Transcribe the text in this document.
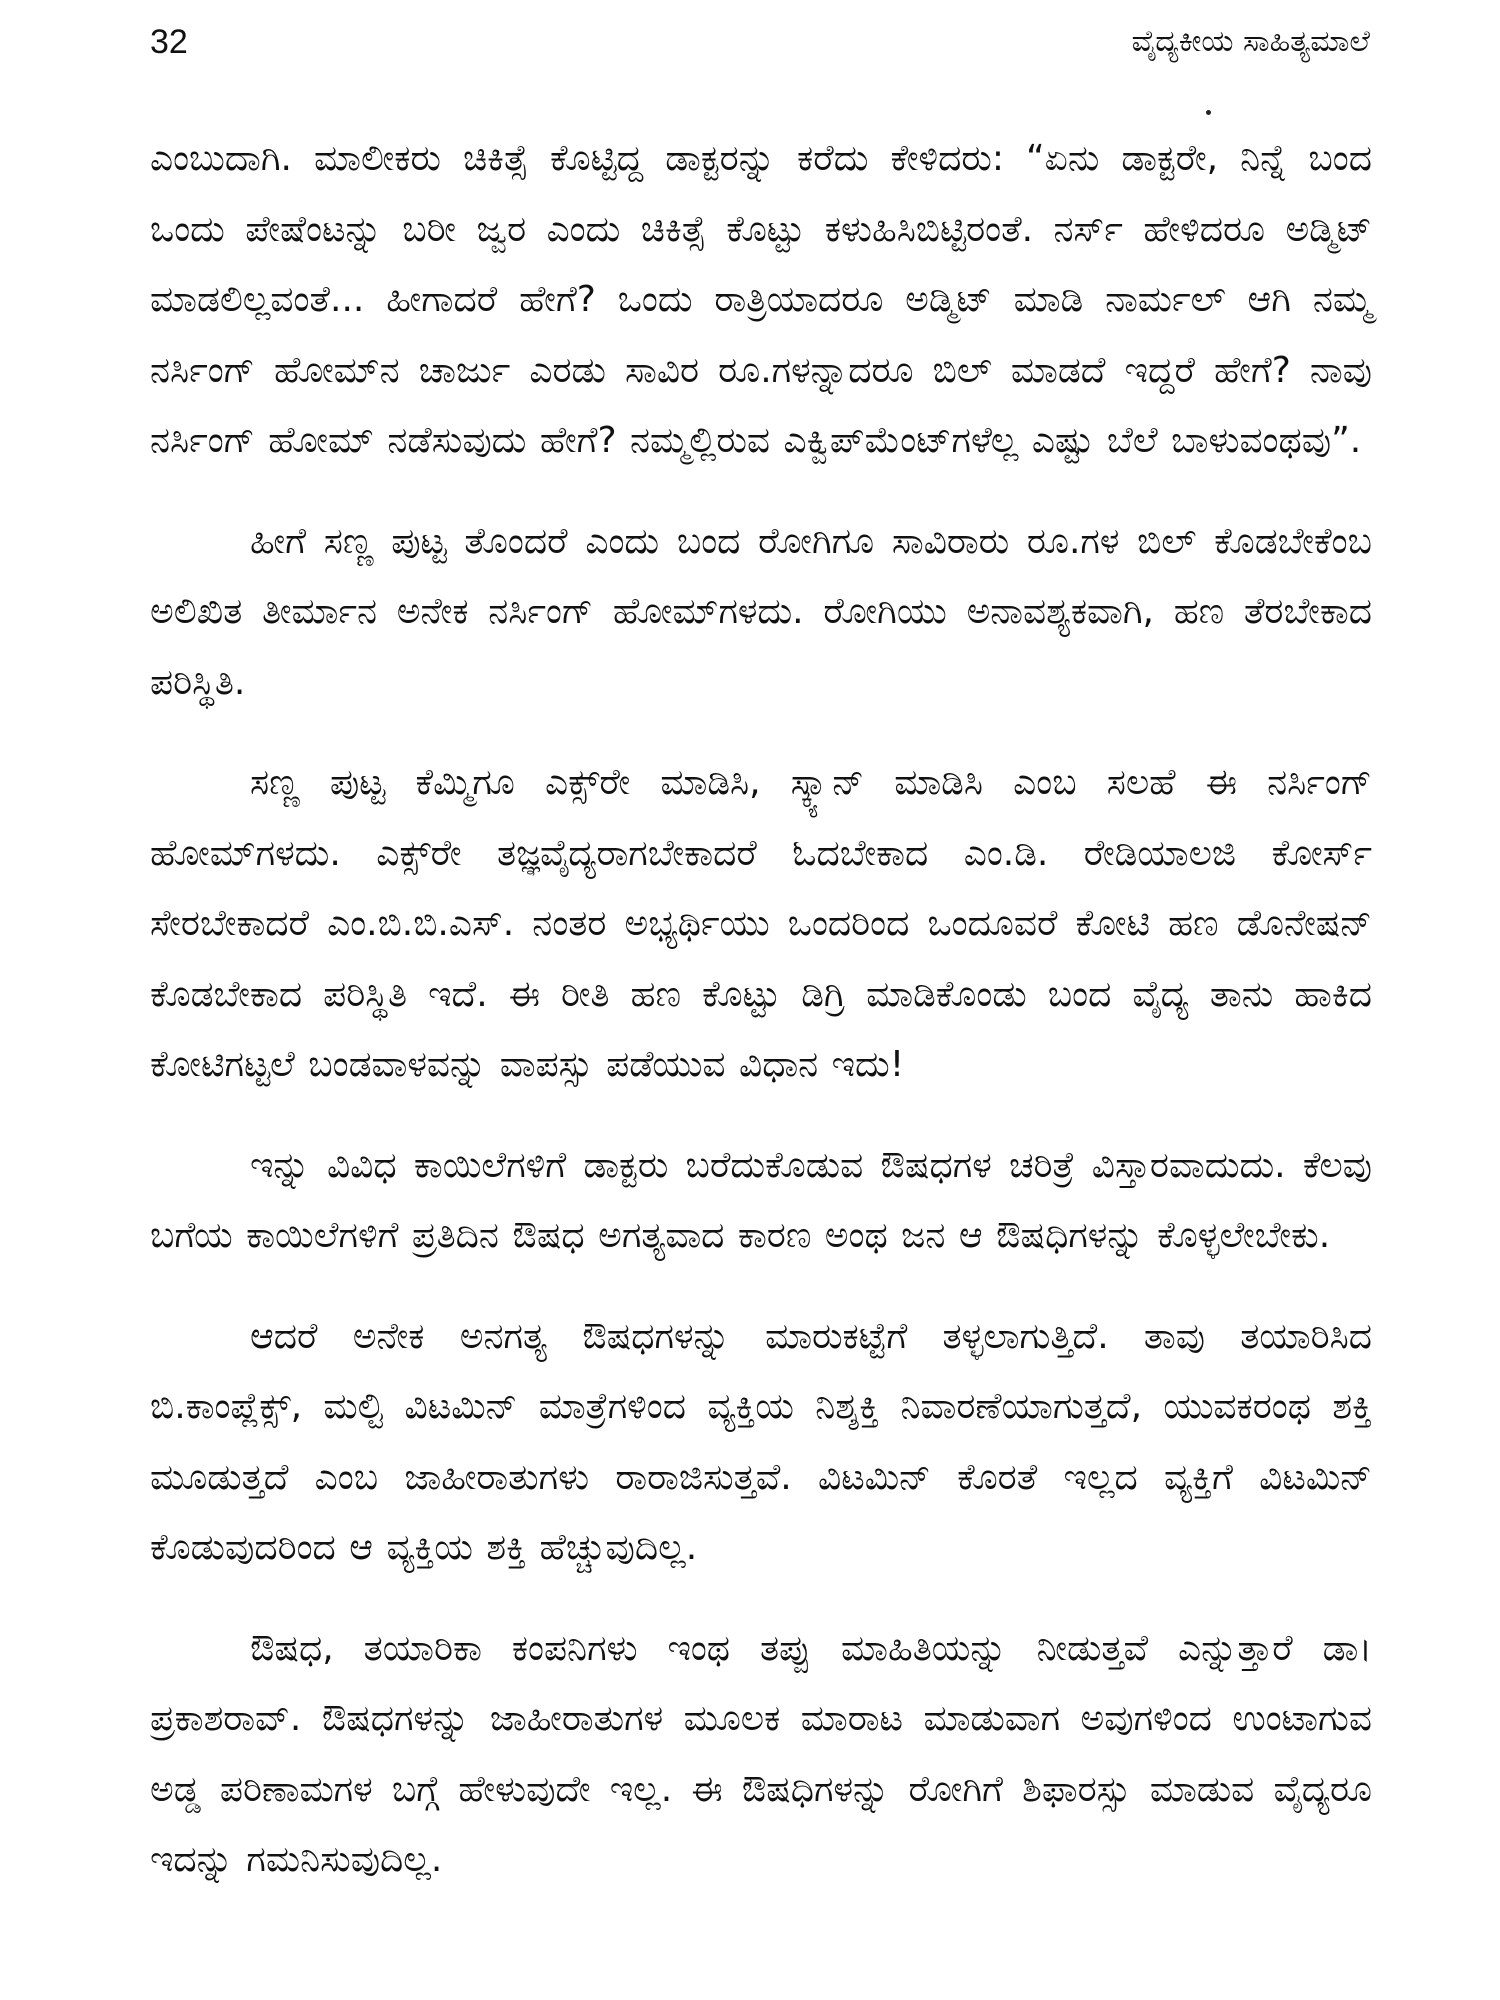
32	ವೈದ್ಯಕೀಯ ಸಾಹಿತ್ಯಮಾಲೆ

ಎಂಬುದಾಗಿ. ಮಾಲೀಕರು ಚಿಕಿತ್ಸೆ ಕೊಟ್ಟಿದ್ದ ಡಾಕ್ಟರನ್ನು ಕರೆದು ಕೇಳಿದರು: “ಏನು ಡಾಕ್ಟರೇ, ನಿನ್ನೆ ಬಂದ ಒಂದು ಪೇಷೆಂಟನ್ನು ಬರೀ ಜ್ವರ ಎಂದು ಚಿಕಿತ್ಸೆ ಕೊಟ್ಟು ಕಳುಹಿಸಿಬಿಟ್ಟಿರಂತೆ. ನರ್ಸ್ ಹೇಳಿದರೂ ಅಡ್ಮಿಟ್ ಮಾಡಲಿಲ್ಲವಂತೆ... ಹೀಗಾದರೆ ಹೇಗೆ? ಒಂದು ರಾತ್ರಿಯಾದರೂ ಅಡ್ಮಿಟ್ ಮಾಡಿ ನಾರ್ಮಲ್ ಆಗಿ ನಮ್ಮ ನರ್ಸಿಂಗ್ ಹೋಮ್‌ನ ಚಾರ್ಜು ಎರಡು ಸಾವಿರ ರೂ.ಗಳನ್ನಾದರೂ ಬಿಲ್ ಮಾಡದೆ ಇದ್ದರೆ ಹೇಗೆ? ನಾವು ನರ್ಸಿಂಗ್ ಹೋಮ್ ನಡೆಸುವುದು ಹೇಗೆ? ನಮ್ಮಲ್ಲಿರುವ ಎಕ್ವಿಪ್‌ಮೆಂಟ್‌ಗಳೆಲ್ಲ ಎಷ್ಟು ಬೆಲೆ ಬಾಳುವಂಥವು”.

ಹೀಗೆ ಸಣ್ಣ ಪುಟ್ಟ ತೊಂದರೆ ಎಂದು ಬಂದ ರೋಗಿಗೂ ಸಾವಿರಾರು ರೂ.ಗಳ ಬಿಲ್ ಕೊಡಬೇಕೆಂಬ ಅಲಿಖಿತ ತೀರ್ಮಾನ ಅನೇಕ ನರ್ಸಿಂಗ್ ಹೋಮ್‌ಗಳದು. ರೋಗಿಯು ಅನಾವಶ್ಯಕವಾಗಿ, ಹಣ ತೆರಬೇಕಾದ ಪರಿಸ್ಥಿತಿ.

ಸಣ್ಣ ಪುಟ್ಟ ಕೆಮ್ಮಿಗೂ ಎಕ್ಸ್‌ರೇ ಮಾಡಿಸಿ, ಸ್ಕ್ಯಾನ್ ಮಾಡಿಸಿ ಎಂಬ ಸಲಹೆ ಈ ನರ್ಸಿಂಗ್ ಹೋಮ್‌ಗಳದು. ಎಕ್ಸ್‌ರೇ ತಜ್ಞವೈದ್ಯರಾಗಬೇಕಾದರೆ ಓದಬೇಕಾದ ಎಂ.ಡಿ. ರೇಡಿಯಾಲಜಿ ಕೋರ್ಸ್ ಸೇರಬೇಕಾದರೆ ಎಂ.ಬಿ.ಬಿ.ಎಸ್. ನಂತರ ಅಭ್ಯರ್ಥಿಯು ಒಂದರಿಂದ ಒಂದೂವರೆ ಕೋಟಿ ಹಣ ಡೊನೇಷನ್ ಕೊಡಬೇಕಾದ ಪರಿಸ್ಥಿತಿ ಇದೆ. ಈ ರೀತಿ ಹಣ ಕೊಟ್ಟು ಡಿಗ್ರಿ ಮಾಡಿಕೊಂಡು ಬಂದ ವೈದ್ಯ ತಾನು ಹಾಕಿದ ಕೋಟಿಗಟ್ಟಲೆ ಬಂಡವಾಳವನ್ನು ವಾಪಸ್ಸು ಪಡೆಯುವ ವಿಧಾನ ಇದು!

ಇನ್ನು ವಿವಿಧ ಕಾಯಿಲೆಗಳಿಗೆ ಡಾಕ್ಟರು ಬರೆದುಕೊಡುವ ಔಷಧಗಳ ಚರಿತ್ರೆ ವಿಸ್ತಾರವಾದುದು. ಕೆಲವು ಬಗೆಯ ಕಾಯಿಲೆಗಳಿಗೆ ಪ್ರತಿದಿನ ಔಷಧ ಅಗತ್ಯವಾದ ಕಾರಣ ಅಂಥ ಜನ ಆ ಔಷಧಿಗಳನ್ನು ಕೊಳ್ಳಲೇಬೇಕು.

ಆದರೆ ಅನೇಕ ಅನಗತ್ಯ ಔಷಧಗಳನ್ನು ಮಾರುಕಟ್ಟೆಗೆ ತಳ್ಳಲಾಗುತ್ತಿದೆ. ತಾವು ತಯಾರಿಸಿದ ಬಿ.ಕಾಂಪ್ಲೆಕ್ಸ್, ಮಲ್ಟಿ ವಿಟಮಿನ್ ಮಾತ್ರೆಗಳಿಂದ ವ್ಯಕ್ತಿಯ ನಿಶ್ಶಕ್ತಿ ನಿವಾರಣೆಯಾಗುತ್ತದೆ, ಯುವಕರಂಥ ಶಕ್ತಿ ಮೂಡುತ್ತದೆ ಎಂಬ ಜಾಹೀರಾತುಗಳು ರಾರಾಜಿಸುತ್ತವೆ. ವಿಟಮಿನ್ ಕೊರತೆ ಇಲ್ಲದ ವ್ಯಕ್ತಿಗೆ ವಿಟಮಿನ್ ಕೊಡುವುದರಿಂದ ಆ ವ್ಯಕ್ತಿಯ ಶಕ್ತಿ ಹೆಚ್ಚುವುದಿಲ್ಲ.

ಔಷಧ, ತಯಾರಿಕಾ ಕಂಪನಿಗಳು ಇಂಥ ತಪ್ಪು ಮಾಹಿತಿಯನ್ನು ನೀಡುತ್ತವೆ ಎನ್ನುತ್ತಾರೆ ಡಾ। ಪ್ರಕಾಶರಾವ್. ಔಷಧಗಳನ್ನು ಜಾಹೀರಾತುಗಳ ಮೂಲಕ ಮಾರಾಟ ಮಾಡುವಾಗ ಅವುಗಳಿಂದ ಉಂಟಾಗುವ ಅಡ್ಡ ಪರಿಣಾಮಗಳ ಬಗ್ಗೆ ಹೇಳುವುದೇ ಇಲ್ಲ. ಈ ಔಷಧಿಗಳನ್ನು ರೋಗಿಗೆ ಶಿಫಾರಸ್ಸು ಮಾಡುವ ವೈದ್ಯರೂ ಇದನ್ನು ಗಮನಿಸುವುದಿಲ್ಲ.
